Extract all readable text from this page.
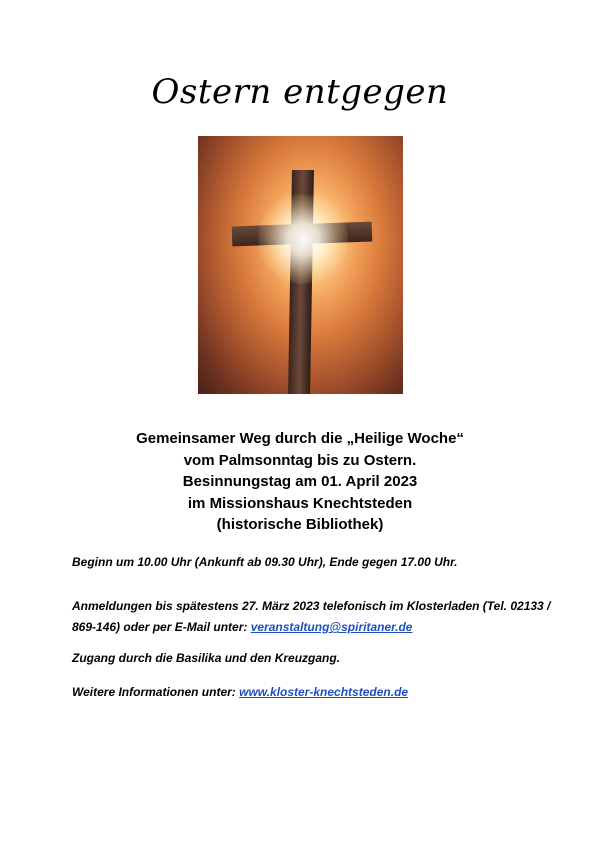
Ostern entgegen
Gemeinsamer Weg durch die „Heilige Woche“
vom Palmsonntag bis zu Ostern.
Besinnungstag am 01. April 2023
im Missionshaus Knechtsteden
(historische Bibliothek)
Beginn um 10.00 Uhr (Ankunft ab 09.30 Uhr), Ende gegen 17.00 Uhr.
Anmeldungen bis spätestens 27. März 2023 telefonisch im Klosterladen (Tel. 02133 / 869-146) oder per E-Mail unter: veranstaltung@spiritaner.de
Zugang durch die Basilika und den Kreuzgang.
Weitere Informationen unter: www.kloster-knechtsteden.de
